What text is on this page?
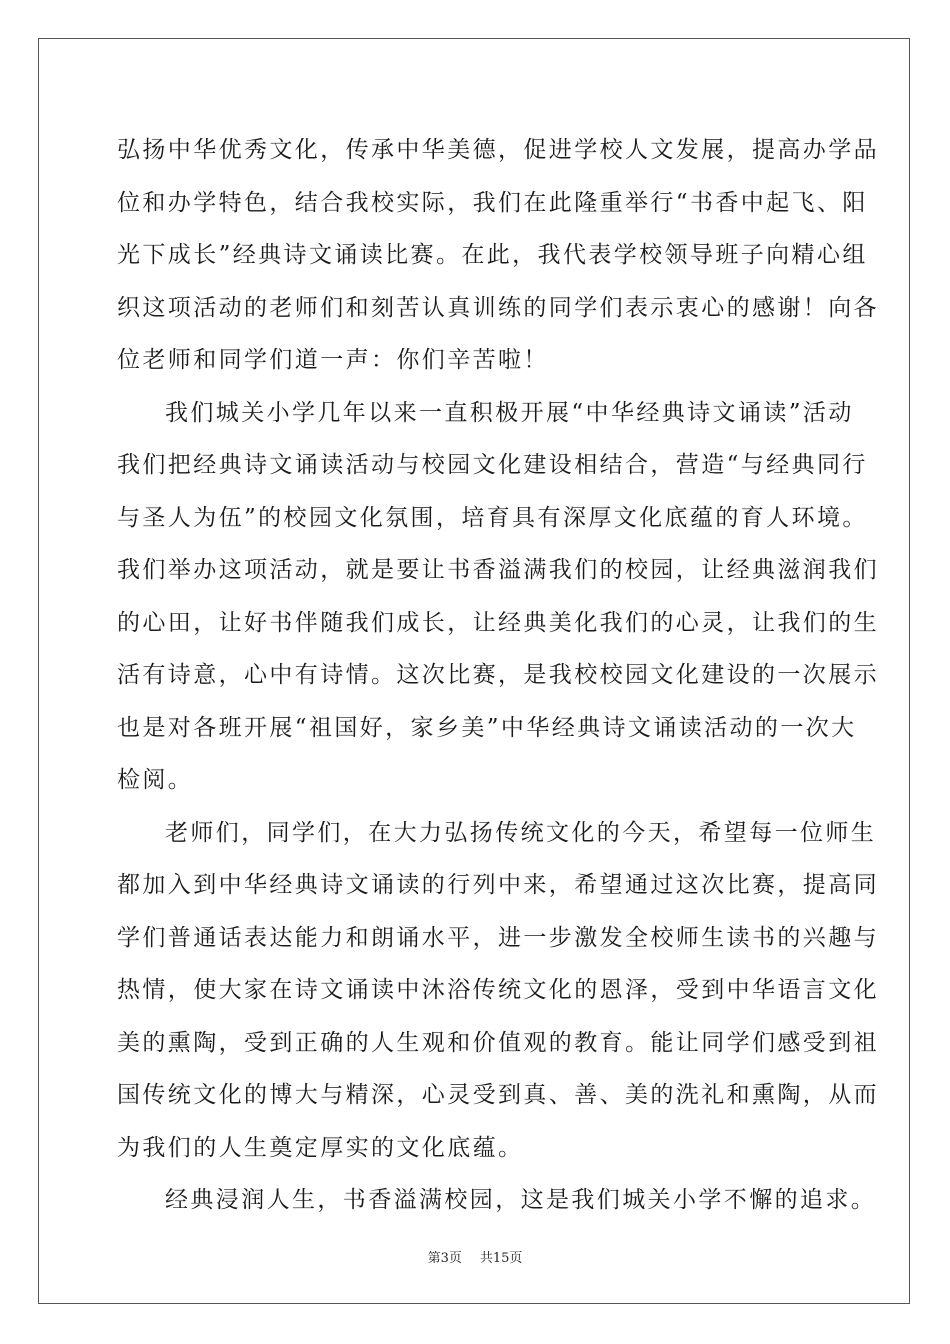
弘扬中华优秀文化，传承中华美德，促进学校人文发展，提高办学品
位和办学特色，结合我校实际，我们在此隆重举行“书香中起飞、阳
光下成长”经典诗文诵读比赛。在此，我代表学校领导班子向精心组
织这项活动的老师们和刻苦认真训练的同学们表示衷心的感谢！向各
位老师和同学们道一声：你们辛苦啦！
我们城关小学几年以来一直积极开展“中华经典诗文诵读”活动
我们把经典诗文诵读活动与校园文化建设相结合，营造“与经典同行
与圣人为伍”的校园文化氛围，培育具有深厚文化底蕴的育人环境。
我们举办这项活动，就是要让书香溢满我们的校园，让经典滋润我们
的心田，让好书伴随我们成长，让经典美化我们的心灵，让我们的生
活有诗意，心中有诗情。这次比赛，是我校校园文化建设的一次展示
也是对各班开展“祖国好，家乡美”中华经典诗文诵读活动的一次大
检阅。
老师们，同学们，在大力弘扬传统文化的今天，希望每一位师生
都加入到中华经典诗文诵读的行列中来，希望通过这次比赛，提高同
学们普通话表达能力和朗诵水平，进一步激发全校师生读书的兴趣与
热情，使大家在诗文诵读中沐浴传统文化的恩泽，受到中华语言文化
美的熏陶，受到正确的人生观和价值观的教育。能让同学们感受到祖
国传统文化的博大与精深，心灵受到真、善、美的洗礼和熏陶，从而
为我们的人生奠定厚实的文化底蕴。
经典浸润人生，书香溢满校园，这是我们城关小学不懈的追求。
第3页 共15页
